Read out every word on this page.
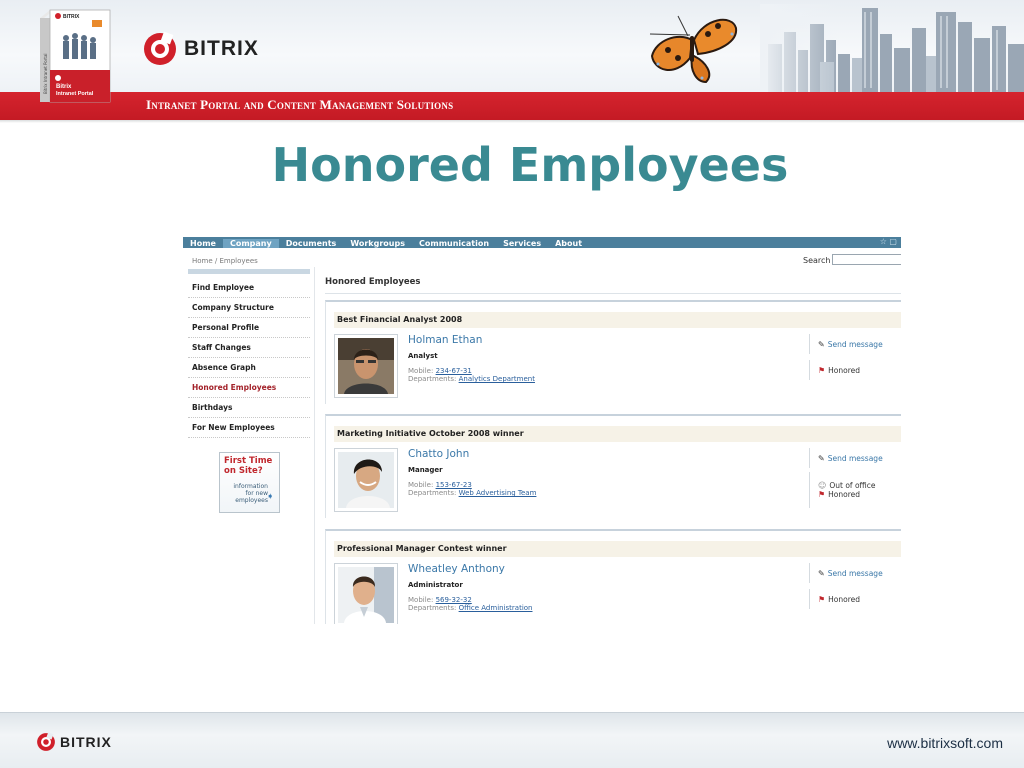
BITRIX
Bitrix
Intranet Portal
Bitrix Intranet Portal
BITRIX
Intranet Portal and Content Management Solutions
Honored Employees
Home	Company	Documents	Workgroups	Communication	Services	About	☆ ▢
Home / Employees	Search
Find Employee
Company Structure
Personal Profile
Staff Changes
Absence Graph
Honored Employees
Birthdays
For New Employees
First Time on Site?
information for new employees
➧
Honored Employees
Best Financial Analyst 2008
Holman Ethan
Analyst
Mobile: 234-67-31
Departments: Analytics Department
✎ Send message
⚑ Honored
Marketing Initiative October 2008 winner
Chatto John
Manager
Mobile: 153-67-23
Departments: Web Advertising Team
✎ Send message
☺ Out of office
⚑ Honored
Professional Manager Contest winner
Wheatley Anthony
Administrator
Mobile: 569-32-32
Departments: Office Administration
✎ Send message
⚑ Honored
BITRIX	www.bitrixsoft.com
